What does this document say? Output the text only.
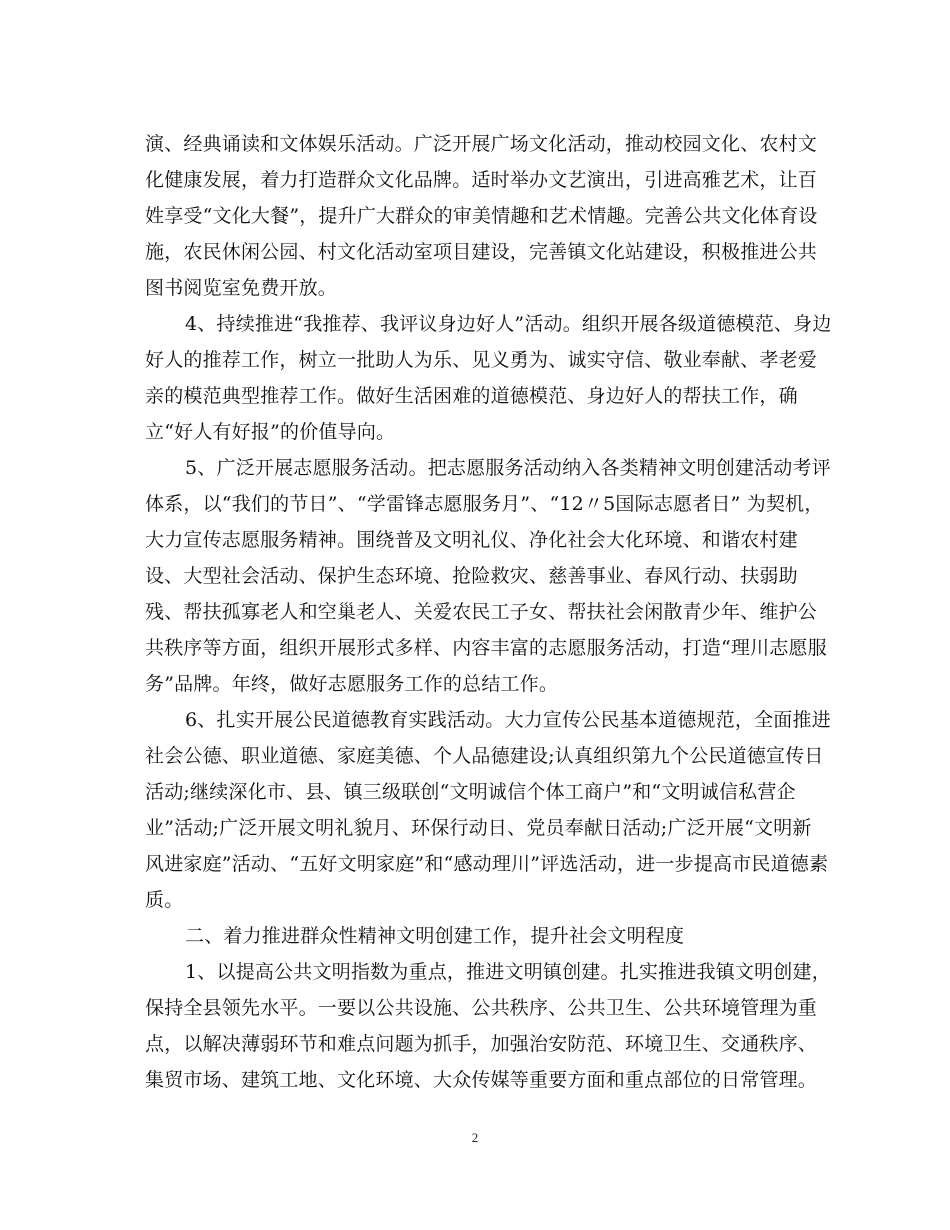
演、经典诵读和文体娱乐活动。广泛开展广场文化活动，推动校园文化、农村文
化健康发展，着力打造群众文化品牌。适时举办文艺演出，引进高雅艺术，让百
姓享受“文化大餐”，提升广大群众的审美情趣和艺术情趣。完善公共文化体育设
施，农民休闲公园、村文化活动室项目建设，完善镇文化站建设，积极推进公共
图书阅览室免费开放。
4、持续推进“我推荐、我评议身边好人”活动。组织开展各级道德模范、身边
好人的推荐工作，树立一批助人为乐、见义勇为、诚实守信、敬业奉献、孝老爱
亲的模范典型推荐工作。做好生活困难的道德模范、身边好人的帮扶工作，确
立“好人有好报”的价值导向。
5、广泛开展志愿服务活动。把志愿服务活动纳入各类精神文明创建活动考评
体系，以“我们的节日”、“学雷锋志愿服务月”、“12〃5国际志愿者日” 为契机，
大力宣传志愿服务精神。围绕普及文明礼仪、净化社会大化环境、和谐农村建
设、大型社会活动、保护生态环境、抢险救灾、慈善事业、春风行动、扶弱助
残、帮扶孤寡老人和空巢老人、关爱农民工子女、帮扶社会闲散青少年、维护公
共秩序等方面，组织开展形式多样、内容丰富的志愿服务活动，打造“理川志愿服
务”品牌。年终，做好志愿服务工作的总结工作。
6、扎实开展公民道德教育实践活动。大力宣传公民基本道德规范，全面推进
社会公德、职业道德、家庭美德、个人品德建设;认真组织第九个公民道德宣传日
活动;继续深化市、县、镇三级联创“文明诚信个体工商户”和“文明诚信私营企
业”活动;广泛开展文明礼貌月、环保行动日、党员奉献日活动;广泛开展“文明新
风进家庭”活动、“五好文明家庭”和“感动理川”评选活动，进一步提高市民道德素
质。
二、着力推进群众性精神文明创建工作，提升社会文明程度
1、以提高公共文明指数为重点，推进文明镇创建。扎实推进我镇文明创建，
保持全县领先水平。一要以公共设施、公共秩序、公共卫生、公共环境管理为重
点，以解决薄弱环节和难点问题为抓手，加强治安防范、环境卫生、交通秩序、
集贸市场、建筑工地、文化环境、大众传媒等重要方面和重点部位的日常管理。
2
